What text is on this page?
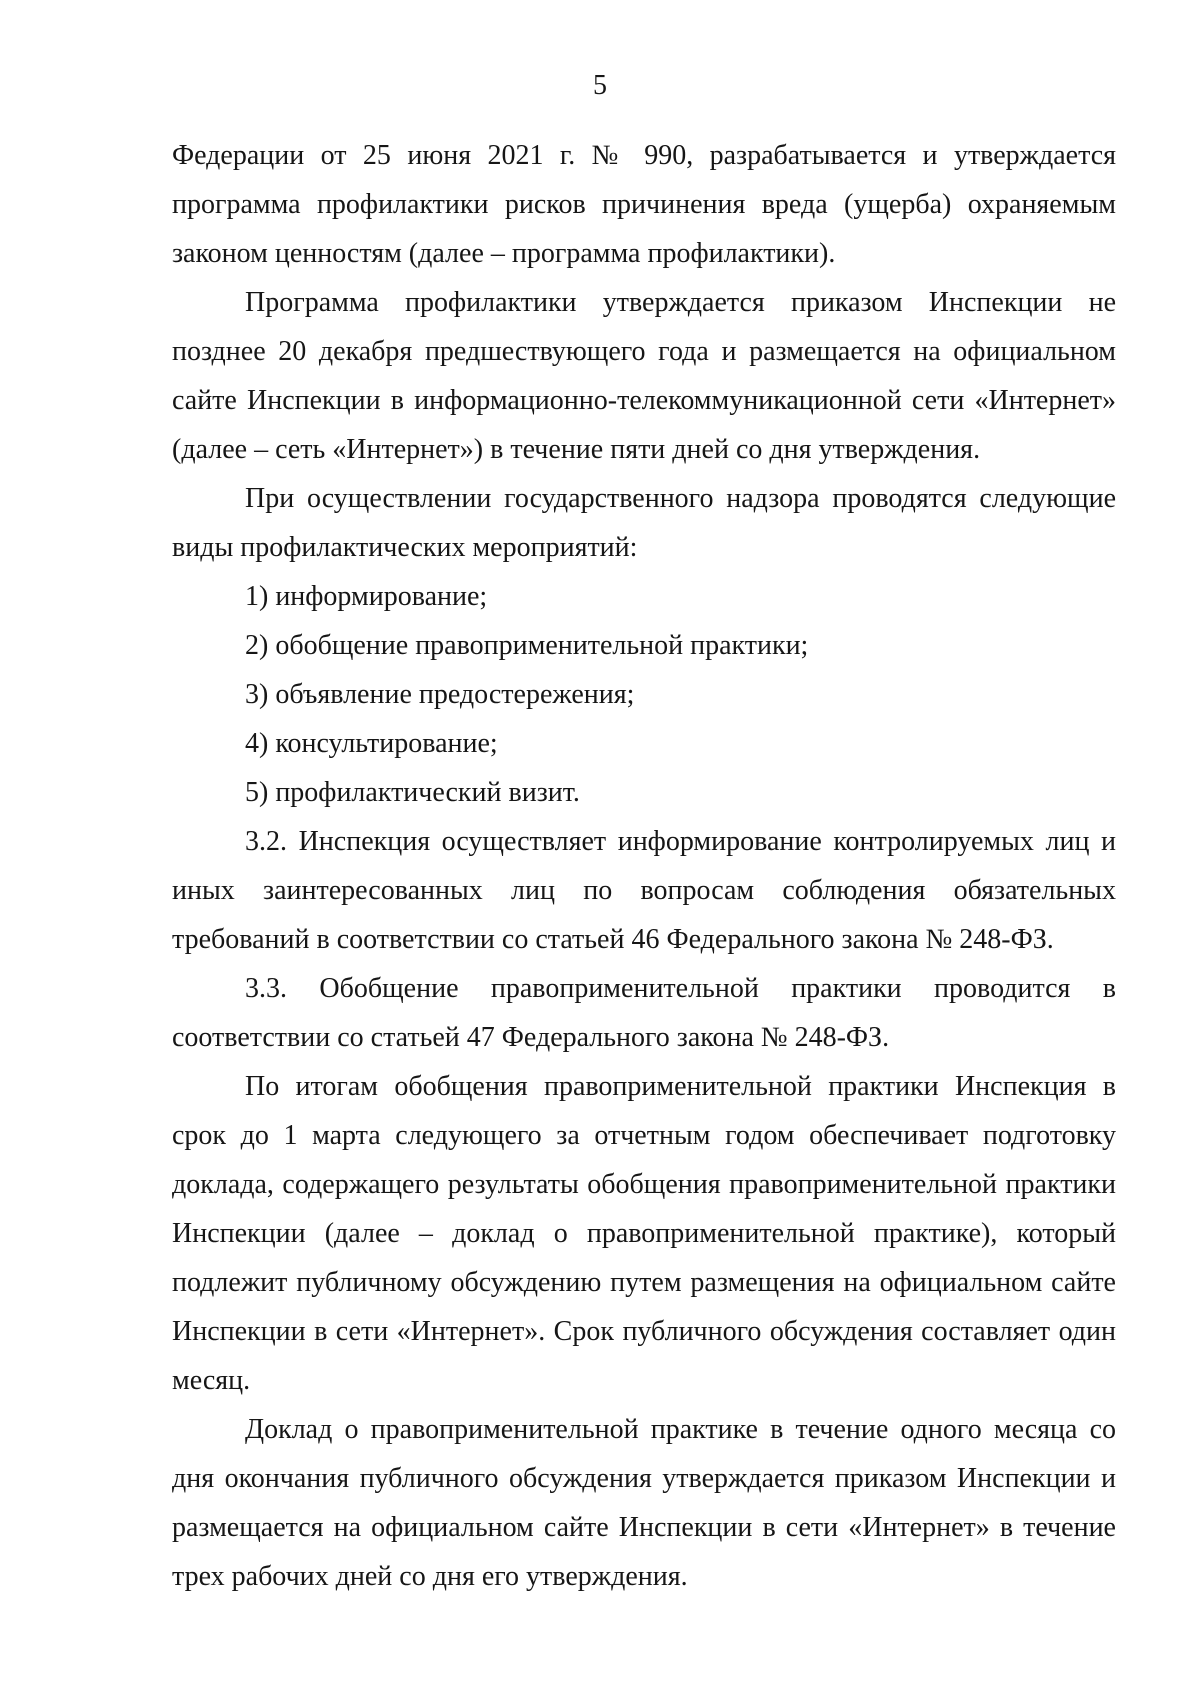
5

Федерации от 25 июня 2021 г. № 990, разрабатывается и утверждается программа профилактики рисков причинения вреда (ущерба) охраняемым законом ценностям (далее – программа профилактики).

Программа профилактики утверждается приказом Инспекции не позднее 20 декабря предшествующего года и размещается на официальном сайте Инспекции в информационно-телекоммуникационной сети «Интернет» (далее – сеть «Интернет») в течение пяти дней со дня утверждения.

При осуществлении государственного надзора проводятся следующие виды профилактических мероприятий:

1) информирование;

2) обобщение правоприменительной практики;

3) объявление предостережения;

4) консультирование;

5) профилактический визит.

3.2. Инспекция осуществляет информирование контролируемых лиц и иных заинтересованных лиц по вопросам соблюдения обязательных требований в соответствии со статьей 46 Федерального закона № 248-ФЗ.

3.3. Обобщение правоприменительной практики проводится в соответствии со статьей 47 Федерального закона № 248-ФЗ.

По итогам обобщения правоприменительной практики Инспекция в срок до 1 марта следующего за отчетным годом обеспечивает подготовку доклада, содержащего результаты обобщения правоприменительной практики Инспекции (далее – доклад о правоприменительной практике), который подлежит публичному обсуждению путем размещения на официальном сайте Инспекции в сети «Интернет». Срок публичного обсуждения составляет один месяц.

Доклад о правоприменительной практике в течение одного месяца со дня окончания публичного обсуждения утверждается приказом Инспекции и размещается на официальном сайте Инспекции в сети «Интернет» в течение трех рабочих дней со дня его утверждения.
